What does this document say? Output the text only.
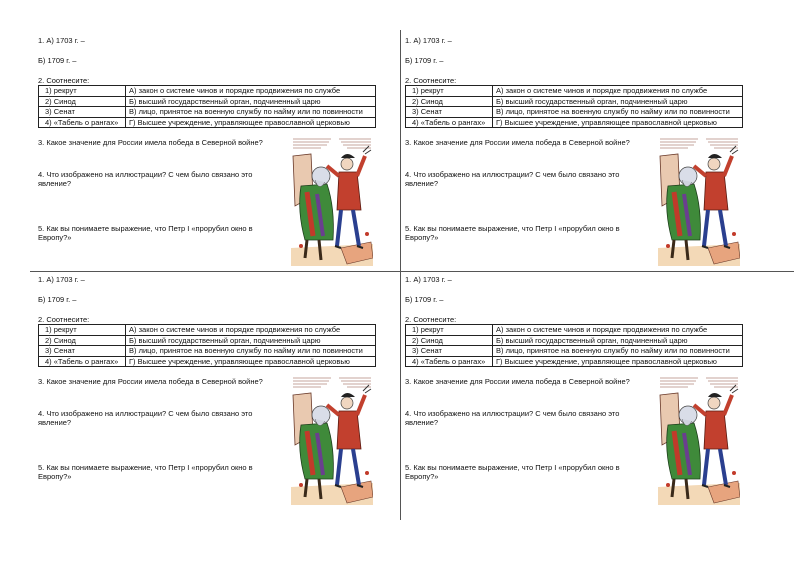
1. А) 1703 г. –
Б) 1709 г. –
2. Соотнесите:
1) рекрут	А) закон о системе чинов и порядке продвижения по службе
2) Синод	Б) высший государственный орган, подчиненный царю
3) Сенат	В) лицо, принятое на военную службу по найму или по повинности
4) «Табель о рангах»	Г) Высшее учреждение, управляющее православной церковью
3. Какое значение для России имела победа в Северной войне?
4. Что изображено на иллюстрации? С чем было связано это явление?
5. Как вы понимаете выражение, что Петр I «прорубил окно в Европу?»
1. А) 1703 г. –
Б) 1709 г. –
2. Соотнесите:
1) рекрут	А) закон о системе чинов и порядке продвижения по службе
2) Синод	Б) высший государственный орган, подчиненный царю
3) Сенат	В) лицо, принятое на военную службу по найму или по повинности
4) «Табель о рангах»	Г) Высшее учреждение, управляющее православной церковью
3. Какое значение для России имела победа в Северной войне?
4. Что изображено на иллюстрации? С чем было связано это явление?
5. Как вы понимаете выражение, что Петр I «прорубил окно в Европу?»
1. А) 1703 г. –
Б) 1709 г. –
2. Соотнесите:
1) рекрут	А) закон о системе чинов и порядке продвижения по службе
2) Синод	Б) высший государственный орган, подчиненный царю
3) Сенат	В) лицо, принятое на военную службу по найму или по повинности
4) «Табель о рангах»	Г) Высшее учреждение, управляющее православной церковью
3. Какое значение для России имела победа в Северной войне?
4. Что изображено на иллюстрации? С чем было связано это явление?
5. Как вы понимаете выражение, что Петр I «прорубил окно в Европу?»
1. А) 1703 г. –
Б) 1709 г. –
2. Соотнесите:
1) рекрут	А) закон о системе чинов и порядке продвижения по службе
2) Синод	Б) высший государственный орган, подчиненный царю
3) Сенат	В) лицо, принятое на военную службу по найму или по повинности
4) «Табель о рангах»	Г) Высшее учреждение, управляющее православной церковью
3. Какое значение для России имела победа в Северной войне?
4. Что изображено на иллюстрации? С чем было связано это явление?
5. Как вы понимаете выражение, что Петр I «прорубил окно в Европу?»
